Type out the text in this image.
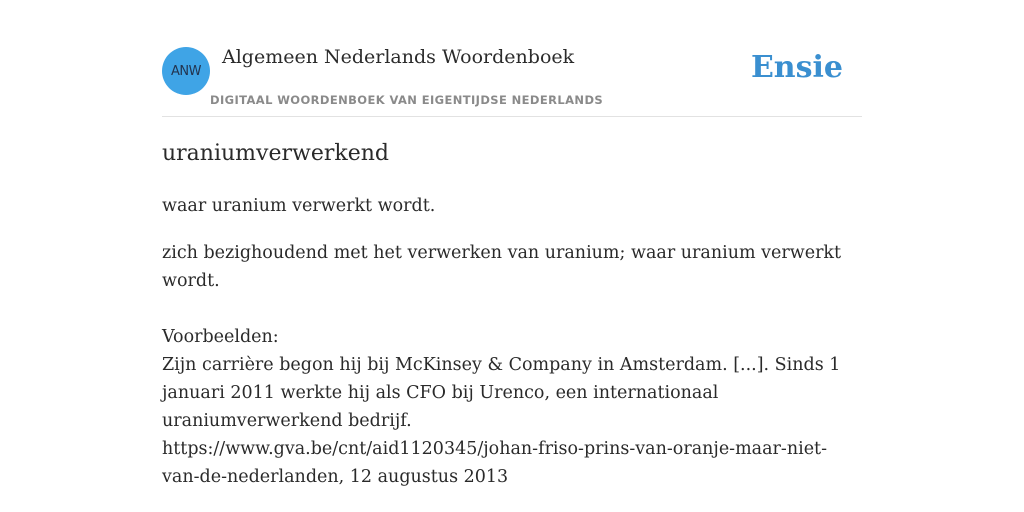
ANW
Algemeen Nederlands Woordenboek
DIGITAAL WOORDENBOEK VAN EIGENTIJDSE NEDERLANDS
Ensie
uraniumverwerkend

waar uranium verwerkt wordt.

zich bezighoudend met het verwerken van uranium; waar uranium verwerkt wordt.

Voorbeelden:

Zijn carrière begon hij bij McKinsey & Company in Amsterdam. [...]. Sinds 1 januari 2011 werkte hij als CFO bij Urenco, een internationaal uraniumverwerkend bedrijf.

https://www.gva.be/cnt/aid1120345/johan-friso-prins-van-oranje-maar-niet-van-de-nederlanden, 12 augustus 2013
